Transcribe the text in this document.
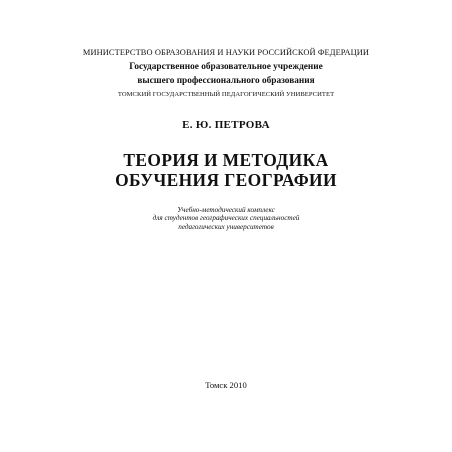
МИНИСТЕРСТВО ОБРАЗОВАНИЯ И НАУКИ РОССИЙСКОЙ ФЕДЕРАЦИИ
Государственное образовательное учреждение
высшего профессионального образования
ТОМСКИЙ ГОСУДАРСТВЕННЫЙ ПЕДАГОГИЧЕСКИЙ УНИВЕРСИТЕТ
Е. Ю. ПЕТРОВА
ТЕОРИЯ И МЕТОДИКА
ОБУЧЕНИЯ ГЕОГРАФИИ
Учебно-методический комплекс
для студентов географических специальностей
педагогических университетов
Томск 2010
